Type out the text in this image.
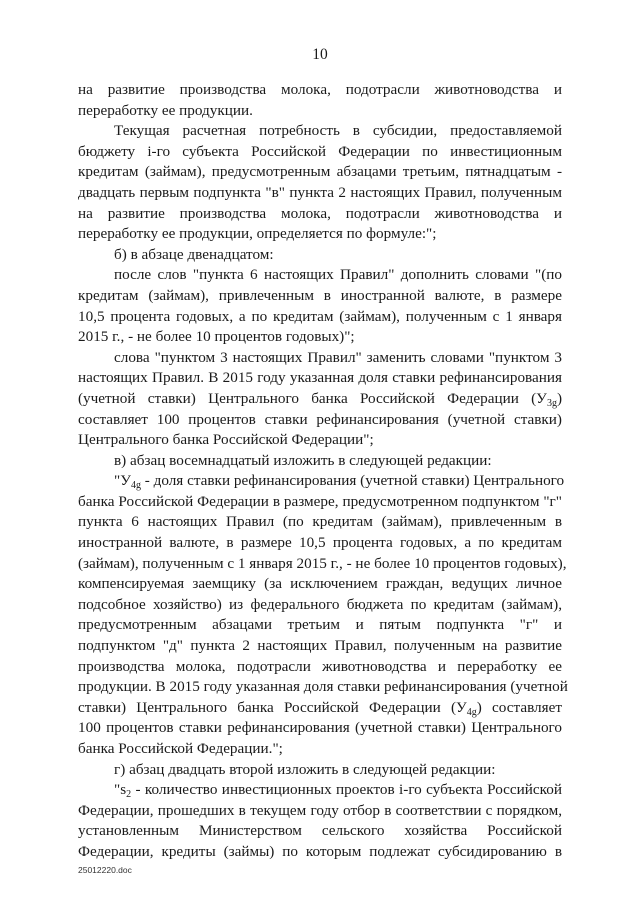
10
на развитие производства молока, подотрасли животноводства и
переработку ее продукции.
Текущая расчетная потребность в субсидии, предоставляемой
бюджету i-го субъекта Российской Федерации по инвестиционным
кредитам (займам), предусмотренным абзацами третьим, пятнадцатым -
двадцать первым подпункта "в" пункта 2 настоящих Правил, полученным
на развитие производства молока, подотрасли животноводства и
переработку ее продукции, определяется по формуле:";
б) в абзаце двенадцатом:
после слов "пункта 6 настоящих Правил" дополнить словами "(по
кредитам (займам), привлеченным в иностранной валюте, в размере
10,5 процента годовых, а по кредитам (займам), полученным с 1 января
2015 г., - не более 10 процентов годовых)";
слова "пунктом 3 настоящих Правил" заменить словами "пунктом 3
настоящих Правил. В 2015 году указанная доля ставки рефинансирования
(учетной ставки) Центрального банка Российской Федерации $(У_{3g})$
составляет 100 процентов ставки рефинансирования (учетной ставки)
Центрального банка Российской Федерации";
в) абзац восемнадцатый изложить в следующей редакции:
"$У_{4g}$ - доля ставки рефинансирования (учетной ставки) Центрального
банка Российской Федерации в размере, предусмотренном подпунктом "г"
пункта 6 настоящих Правил (по кредитам (займам), привлеченным в
иностранной валюте, в размере 10,5 процента годовых, а по кредитам
(займам), полученным с 1 января 2015 г., - не более 10 процентов годовых),
компенсируемая заемщику (за исключением граждан, ведущих личное
подсобное хозяйство) из федерального бюджета по кредитам (займам),
предусмотренным абзацами третьим и пятым подпункта "г" и
подпунктом "д" пункта 2 настоящих Правил, полученным на развитие
производства молока, подотрасли животноводства и переработку ее
продукции. В 2015 году указанная доля ставки рефинансирования (учетной
ставки) Центрального банка Российской Федерации $(У_{4g})$ составляет
100 процентов ставки рефинансирования (учетной ставки) Центрального
банка Российской Федерации.";
г) абзац двадцать второй изложить в следующей редакции:
"$s_2$ - количество инвестиционных проектов i-го субъекта Российской
Федерации, прошедших в текущем году отбор в соответствии с порядком,
установленным Министерством сельского хозяйства Российской
Федерации, кредиты (займы) по которым подлежат субсидированию в
25012220.doc
